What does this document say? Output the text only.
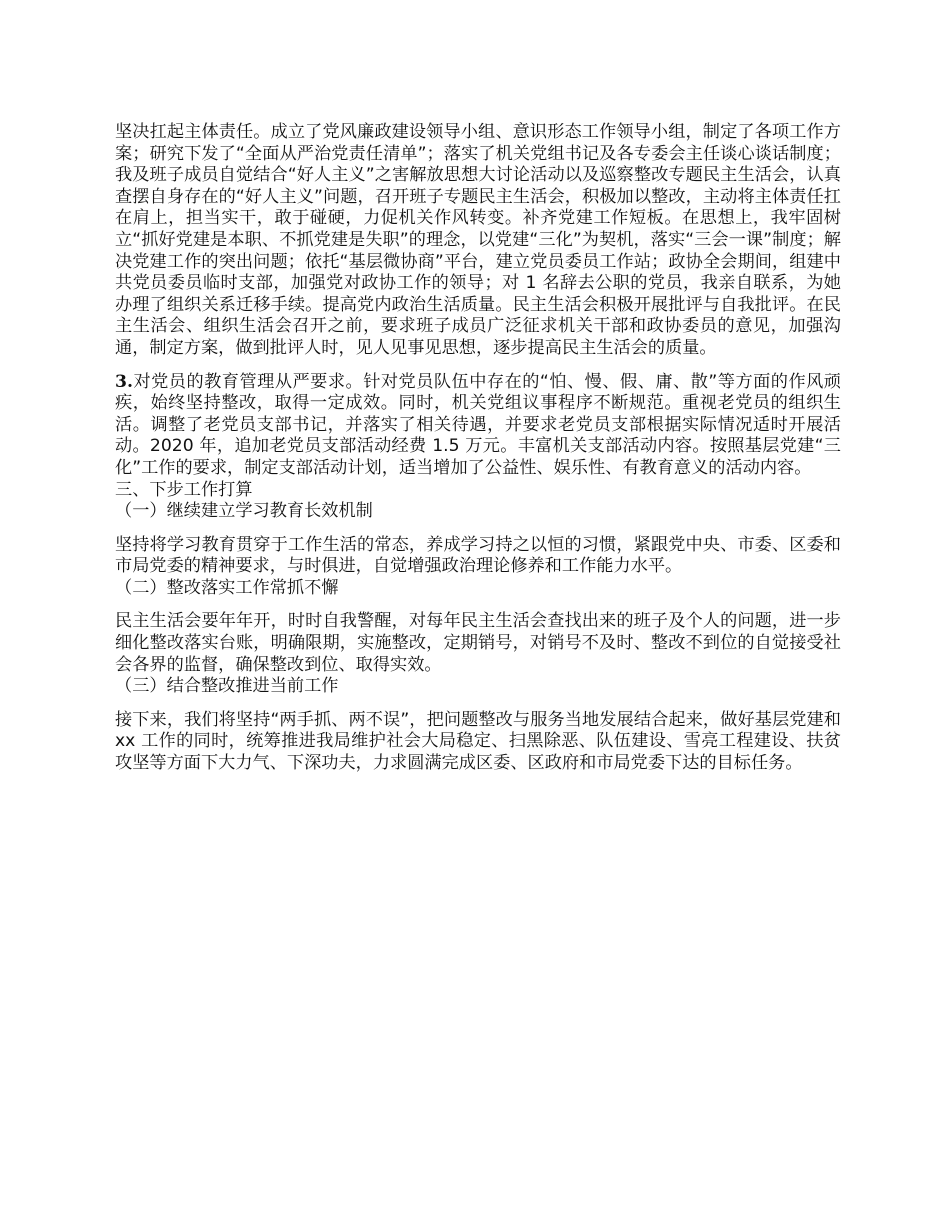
坚决扛起主体责任。成立了党风廉政建设领导小组、意识形态工作领导小组，制定了各项工作方案；研究下发了“全面从严治党责任清单”；落实了机关党组书记及各专委会主任谈心谈话制度；我及班子成员自觉结合“好人主义”之害解放思想大讨论活动以及巡察整改专题民主生活会，认真查摆自身存在的“好人主义”问题，召开班子专题民主生活会，积极加以整改，主动将主体责任扛在肩上，担当实干，敢于碰硬，力促机关作风转变。补齐党建工作短板。在思想上，我牢固树立“抓好党建是本职、不抓党建是失职”的理念，以党建“三化”为契机，落实“三会一课”制度；解决党建工作的突出问题；依托“基层微协商”平台，建立党员委员工作站；政协全会期间，组建中共党员委员临时支部，加强党对政协工作的领导；对 1 名辞去公职的党员，我亲自联系，为她办理了组织关系迁移手续。提高党内政治生活质量。民主生活会积极开展批评与自我批评。在民主生活会、组织生活会召开之前，要求班子成员广泛征求机关干部和政协委员的意见，加强沟通，制定方案，做到批评人时，见人见事见思想，逐步提高民主生活会的质量。

3.对党员的教育管理从严要求。针对党员队伍中存在的“怕、慢、假、庸、散”等方面的作风顽疾，始终坚持整改，取得一定成效。同时，机关党组议事程序不断规范。重视老党员的组织生活。调整了老党员支部书记，并落实了相关待遇，并要求老党员支部根据实际情况适时开展活动。2020 年，追加老党员支部活动经费 1.5 万元。丰富机关支部活动内容。按照基层党建“三化”工作的要求，制定支部活动计划，适当增加了公益性、娱乐性、有教育意义的活动内容。

三、下步工作打算

（一）继续建立学习教育长效机制

坚持将学习教育贯穿于工作生活的常态，养成学习持之以恒的习惯，紧跟党中央、市委、区委和市局党委的精神要求，与时俱进，自觉增强政治理论修养和工作能力水平。

（二）整改落实工作常抓不懈

民主生活会要年年开，时时自我警醒，对每年民主生活会查找出来的班子及个人的问题，进一步细化整改落实台账，明确限期，实施整改，定期销号，对销号不及时、整改不到位的自觉接受社会各界的监督，确保整改到位、取得实效。

（三）结合整改推进当前工作

接下来，我们将坚持“两手抓、两不误”，把问题整改与服务当地发展结合起来，做好基层党建和 xx 工作的同时，统筹推进我局维护社会大局稳定、扫黑除恶、队伍建设、雪亮工程建设、扶贫攻坚等方面下大力气、下深功夫，力求圆满完成区委、区政府和市局党委下达的目标任务。
